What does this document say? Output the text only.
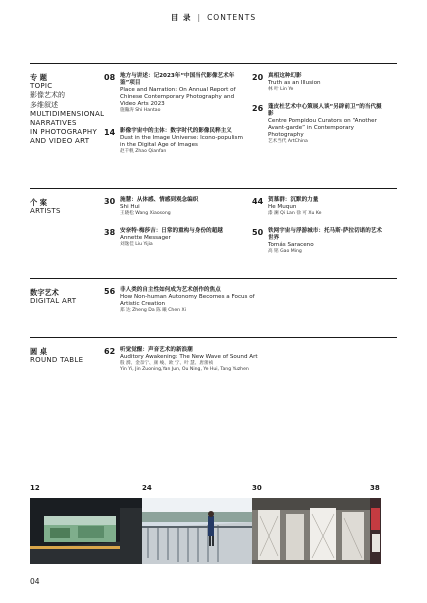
目 录 | CONTENTS
专 题
TOPIC
影像艺术的
多维叙述
MULTIDIMENSIONAL
NARRATIVES
IN PHOTOGRAPHY
AND VIDEO ART
个 案
ARTISTS
数字艺术
DIGITAL ART
圆 桌
ROUND TABLE
08 地方与讲述：记2023年“中国当代影像艺术年鉴”项目
Place and Narration: On Annual Report of Chinese Contemporary Photography and Video Arts 2023
施瀚涛 Shi Hantao
14 影像宇宙中的主体：数字时代的影像民粹主义
Dust in the Image Universe: Icono-populism in the Digital Age of Images
赵千帆 Zhao Qianfan
20 真相这种幻影
Truth as an Illusion
林 叶 Lin Ye
26 蓬皮杜艺术中心策展人谈“另辟前卫”的当代摄影
Centre Pompidou Curators on “Another Avant-garde” in Contemporary Photography
艺术当代 ArtChina
30 施慧：从体感、情感到观念编织
Shi Hui
王晓松 Wang Xiaosong
38 安奈特·梅莎吉：日常的重构与身份的超越
Annette Messager
刘逸佳 Liu Yijia
44 贺慕群：沉默的力量
He Muqun
漆 澜 Qi Lan 徐 可 Xu Ke
50 铁网宇宙与浮游城市：托马斯·萨拉切诺的艺术世界
Tomás Saraceno
高 铭 Gao Ming
56 非人类的自主性如何成为艺术创作的焦点
How Non-human Autonomy Becomes a Focus of Artistic Creation
郑 达 Zheng Da 陈 曦 Chen Xi
62 听觉觉醒：声音艺术的新浪潮
Auditory Awakening: The New Wave of Sound Art
殷 漪、金奈宁、颜 峻、欧 宁、叶 慧、唐蕾祯
Yin Yi, Jin Zuoning,Yan Jun, Ou Ning, Ye Hui, Tang Yuzhen
12	24	30	38
04
